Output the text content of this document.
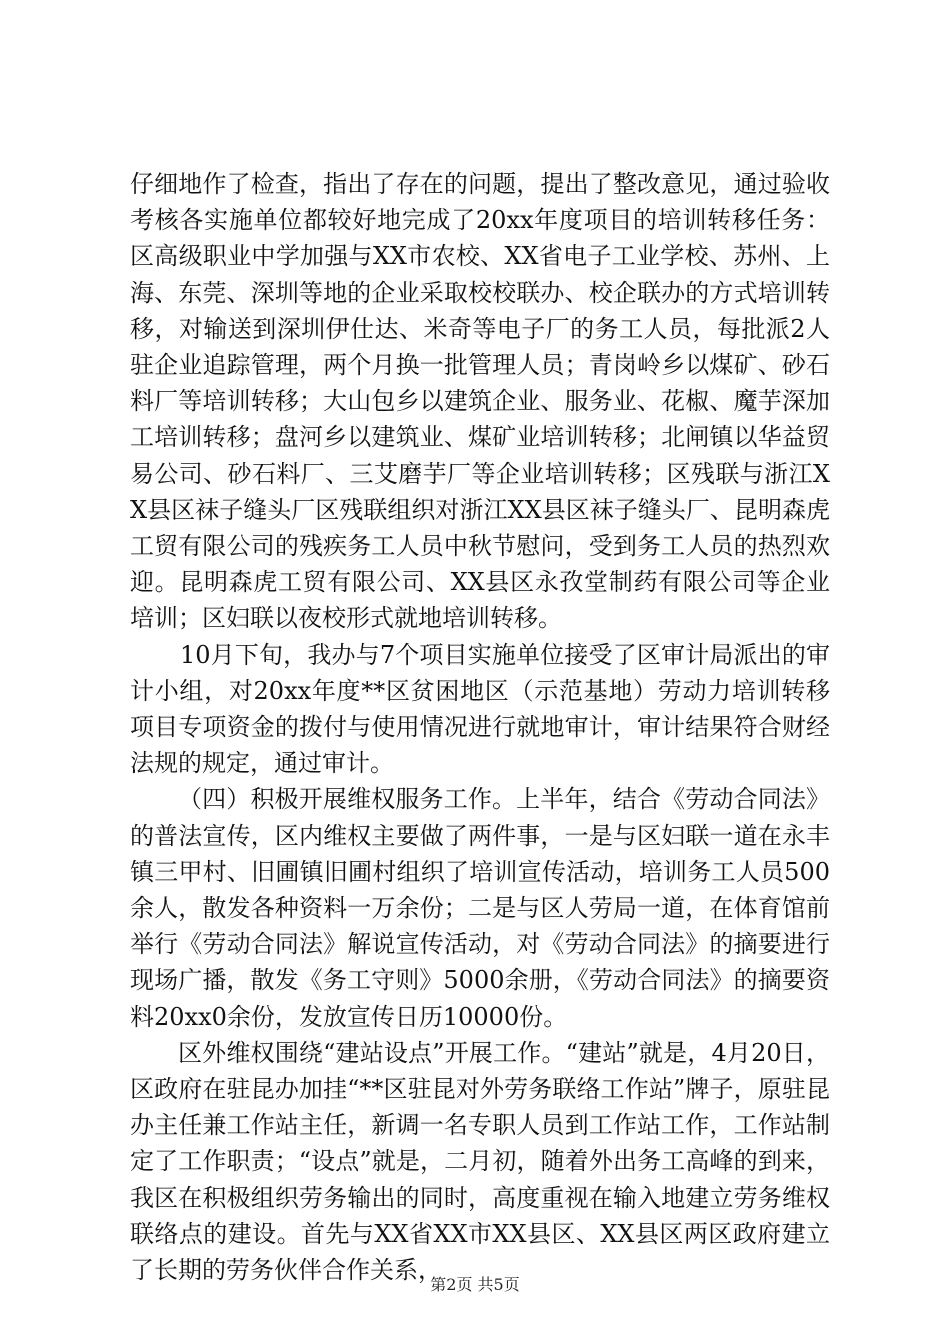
仔细地作了检查，指出了存在的问题，提出了整改意见，通过验收考核各实施单位都较好地完成了20xx年度项目的培训转移任务：区高级职业中学加强与XX市农校、XX省电子工业学校、苏州、上海、东莞、深圳等地的企业采取校校联办、校企联办的方式培训转移，对输送到深圳伊仕达、米奇等电子厂的务工人员，每批派2人驻企业追踪管理，两个月换一批管理人员；青岗岭乡以煤矿、砂石料厂等培训转移；大山包乡以建筑企业、服务业、花椒、魔芋深加工培训转移；盘河乡以建筑业、煤矿业培训转移；北闸镇以华益贸易公司、砂石料厂、三艾磨芋厂等企业培训转移；区残联与浙江XX县区袜子缝头厂区残联组织对浙江XX县区袜子缝头厂、昆明森虎工贸有限公司的残疾务工人员中秋节慰问，受到务工人员的热烈欢迎。昆明森虎工贸有限公司、XX县区永孜堂制药有限公司等企业培训；区妇联以夜校形式就地培训转移。

10月下旬，我办与7个项目实施单位接受了区审计局派出的审计小组，对20xx年度**区贫困地区（示范基地）劳动力培训转移项目专项资金的拨付与使用情况进行就地审计，审计结果符合财经法规的规定，通过审计。

（四）积极开展维权服务工作。上半年，结合《劳动合同法》的普法宣传，区内维权主要做了两件事，一是与区妇联一道在永丰镇三甲村、旧圃镇旧圃村组织了培训宣传活动，培训务工人员500余人，散发各种资料一万余份；二是与区人劳局一道，在体育馆前举行《劳动合同法》解说宣传活动，对《劳动合同法》的摘要进行现场广播，散发《务工守则》5000余册，《劳动合同法》的摘要资料20xx0余份，发放宣传日历10000份。

区外维权围绕“建站设点”开展工作。“建站”就是，4月20日，区政府在驻昆办加挂“**区驻昆对外劳务联络工作站”牌子，原驻昆办主任兼工作站主任，新调一名专职人员到工作站工作，工作站制定了工作职责；“设点”就是，二月初，随着外出务工高峰的到来，我区在积极组织劳务输出的同时，高度重视在输入地建立劳务维权联络点的建设。首先与XX省XX市XX县区、XX县区两区政府建立了长期的劳务伙伴合作关系，

第2页 共5页
